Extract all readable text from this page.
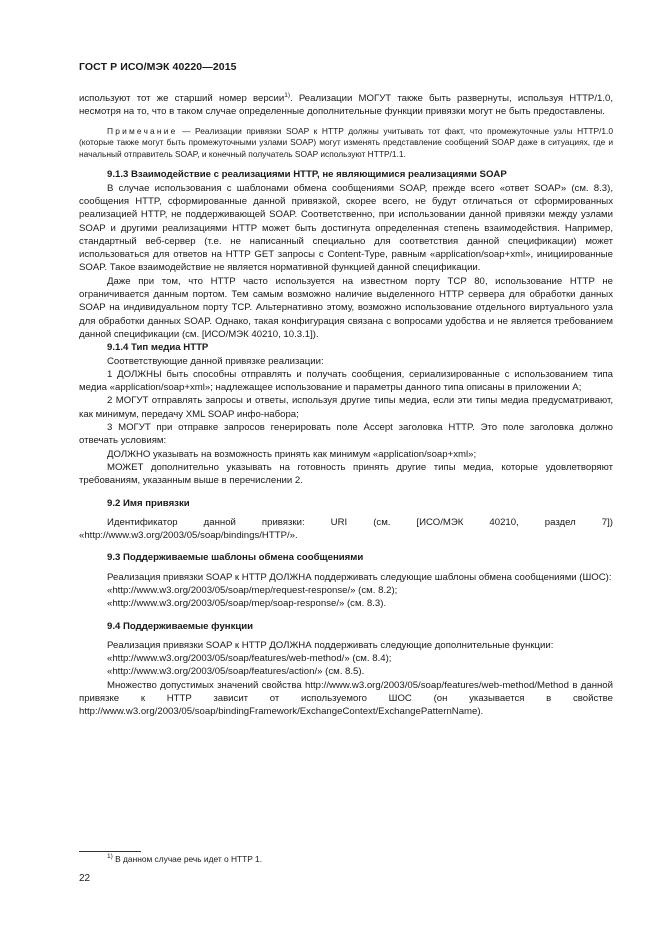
ГОСТ Р ИСО/МЭК 40220—2015

используют тот же старший номер версии$^{1)}$. Реализации МОГУТ также быть развернуты, используя HTTP/1.0, несмотря на то, что в таком случае определенные дополнительные функции привязки могут не быть предоставлены.

Примечание — Реализации привязки SOAP к HTTP должны учитывать тот факт, что промежуточные узлы HTTP/1.0 (которые также могут быть промежуточными узлами SOAP) могут изменять представление сообщений SOAP даже в ситуациях, где и начальный отправитель SOAP, и конечный получатель SOAP используют HTTP/1.1.

9.1.3 Взаимодействие с реализациями HTTP, не являющимися реализациями SOAP

В случае использования с шаблонами обмена сообщениями SOAP, прежде всего «ответ SOAP» (см. 8.3), сообщения HTTP, сформированные данной привязкой, скорее всего, не будут отличаться от сформированных реализацией HTTP, не поддерживающей SOAP. Соответственно, при использовании данной привязки между узлами SOAP и другими реализациями HTTP может быть достигнута определенная степень взаимодействия. Например, стандартный веб-сервер (т.е. не написанный специально для соответствия данной спецификации) может использоваться для ответов на HTTP GET запросы с Content-Type, равным «application/soap+xml», инициированные SOAP. Такое взаимодействие не является нормативной функцией данной спецификации.

Даже при том, что HTTP часто используется на известном порту TCP 80, использование HTTP не ограничивается данным портом. Тем самым возможно наличие выделенного HTTP сервера для обработки данных SOAP на индивидуальном порту TCP. Альтернативно этому, возможно использование отдельного виртуального узла для обработки данных SOAP. Однако, такая конфигурация связана с вопросами удобства и не является требованием данной спецификации (см. [ИСО/МЭК 40210, 10.3.1]).

9.1.4 Тип медиа HTTP

Соответствующие данной привязке реализации:

1 ДОЛЖНЫ быть способны отправлять и получать сообщения, сериализированные с использованием типа медиа «application/soap+xml»; надлежащее использование и параметры данного типа описаны в приложении А;

2 МОГУТ отправлять запросы и ответы, используя другие типы медиа, если эти типы медиа предусматривают, как минимум, передачу XML SOAP инфо-набора;

3 МОГУТ при отправке запросов генерировать поле Accept заголовка HTTP. Это поле заголовка должно отвечать условиям:

ДОЛЖНО указывать на возможность принять как минимум «application/soap+xml»;

МОЖЕТ дополнительно указывать на готовность принять другие типы медиа, которые удовлетворяют требованиям, указанным выше в перечислении 2.

9.2 Имя привязки

Идентификатор данной привязки: URI (см. [ИСО/МЭК 40210, раздел 7]) «http://www.w3.org/2003/05/soap/bindings/HTTP/».

9.3 Поддерживаемые шаблоны обмена сообщениями

Реализация привязки SOAP к HTTP ДОЛЖНА поддерживать следующие шаблоны обмена сообщениями (ШОС):

«http://www.w3.org/2003/05/soap/mep/request-response/» (см. 8.2);

«http://www.w3.org/2003/05/soap/mep/soap-response/» (см. 8.3).

9.4 Поддерживаемые функции

Реализация привязки SOAP к HTTP ДОЛЖНА поддерживать следующие дополнительные функции:

«http://www.w3.org/2003/05/soap/features/web-method/» (см. 8.4);

«http://www.w3.org/2003/05/soap/features/action/» (см. 8.5).

Множество допустимых значений свойства http://www.w3.org/2003/05/soap/features/web-method/Method в данной привязке к HTTP зависит от используемого ШОС (он указывается в свойстве http://www.w3.org/2003/05/soap/bindingFramework/ExchangeContext/ExchangePatternName).

$^{1)}$ В данном случае речь идет о HTTP 1.
22
